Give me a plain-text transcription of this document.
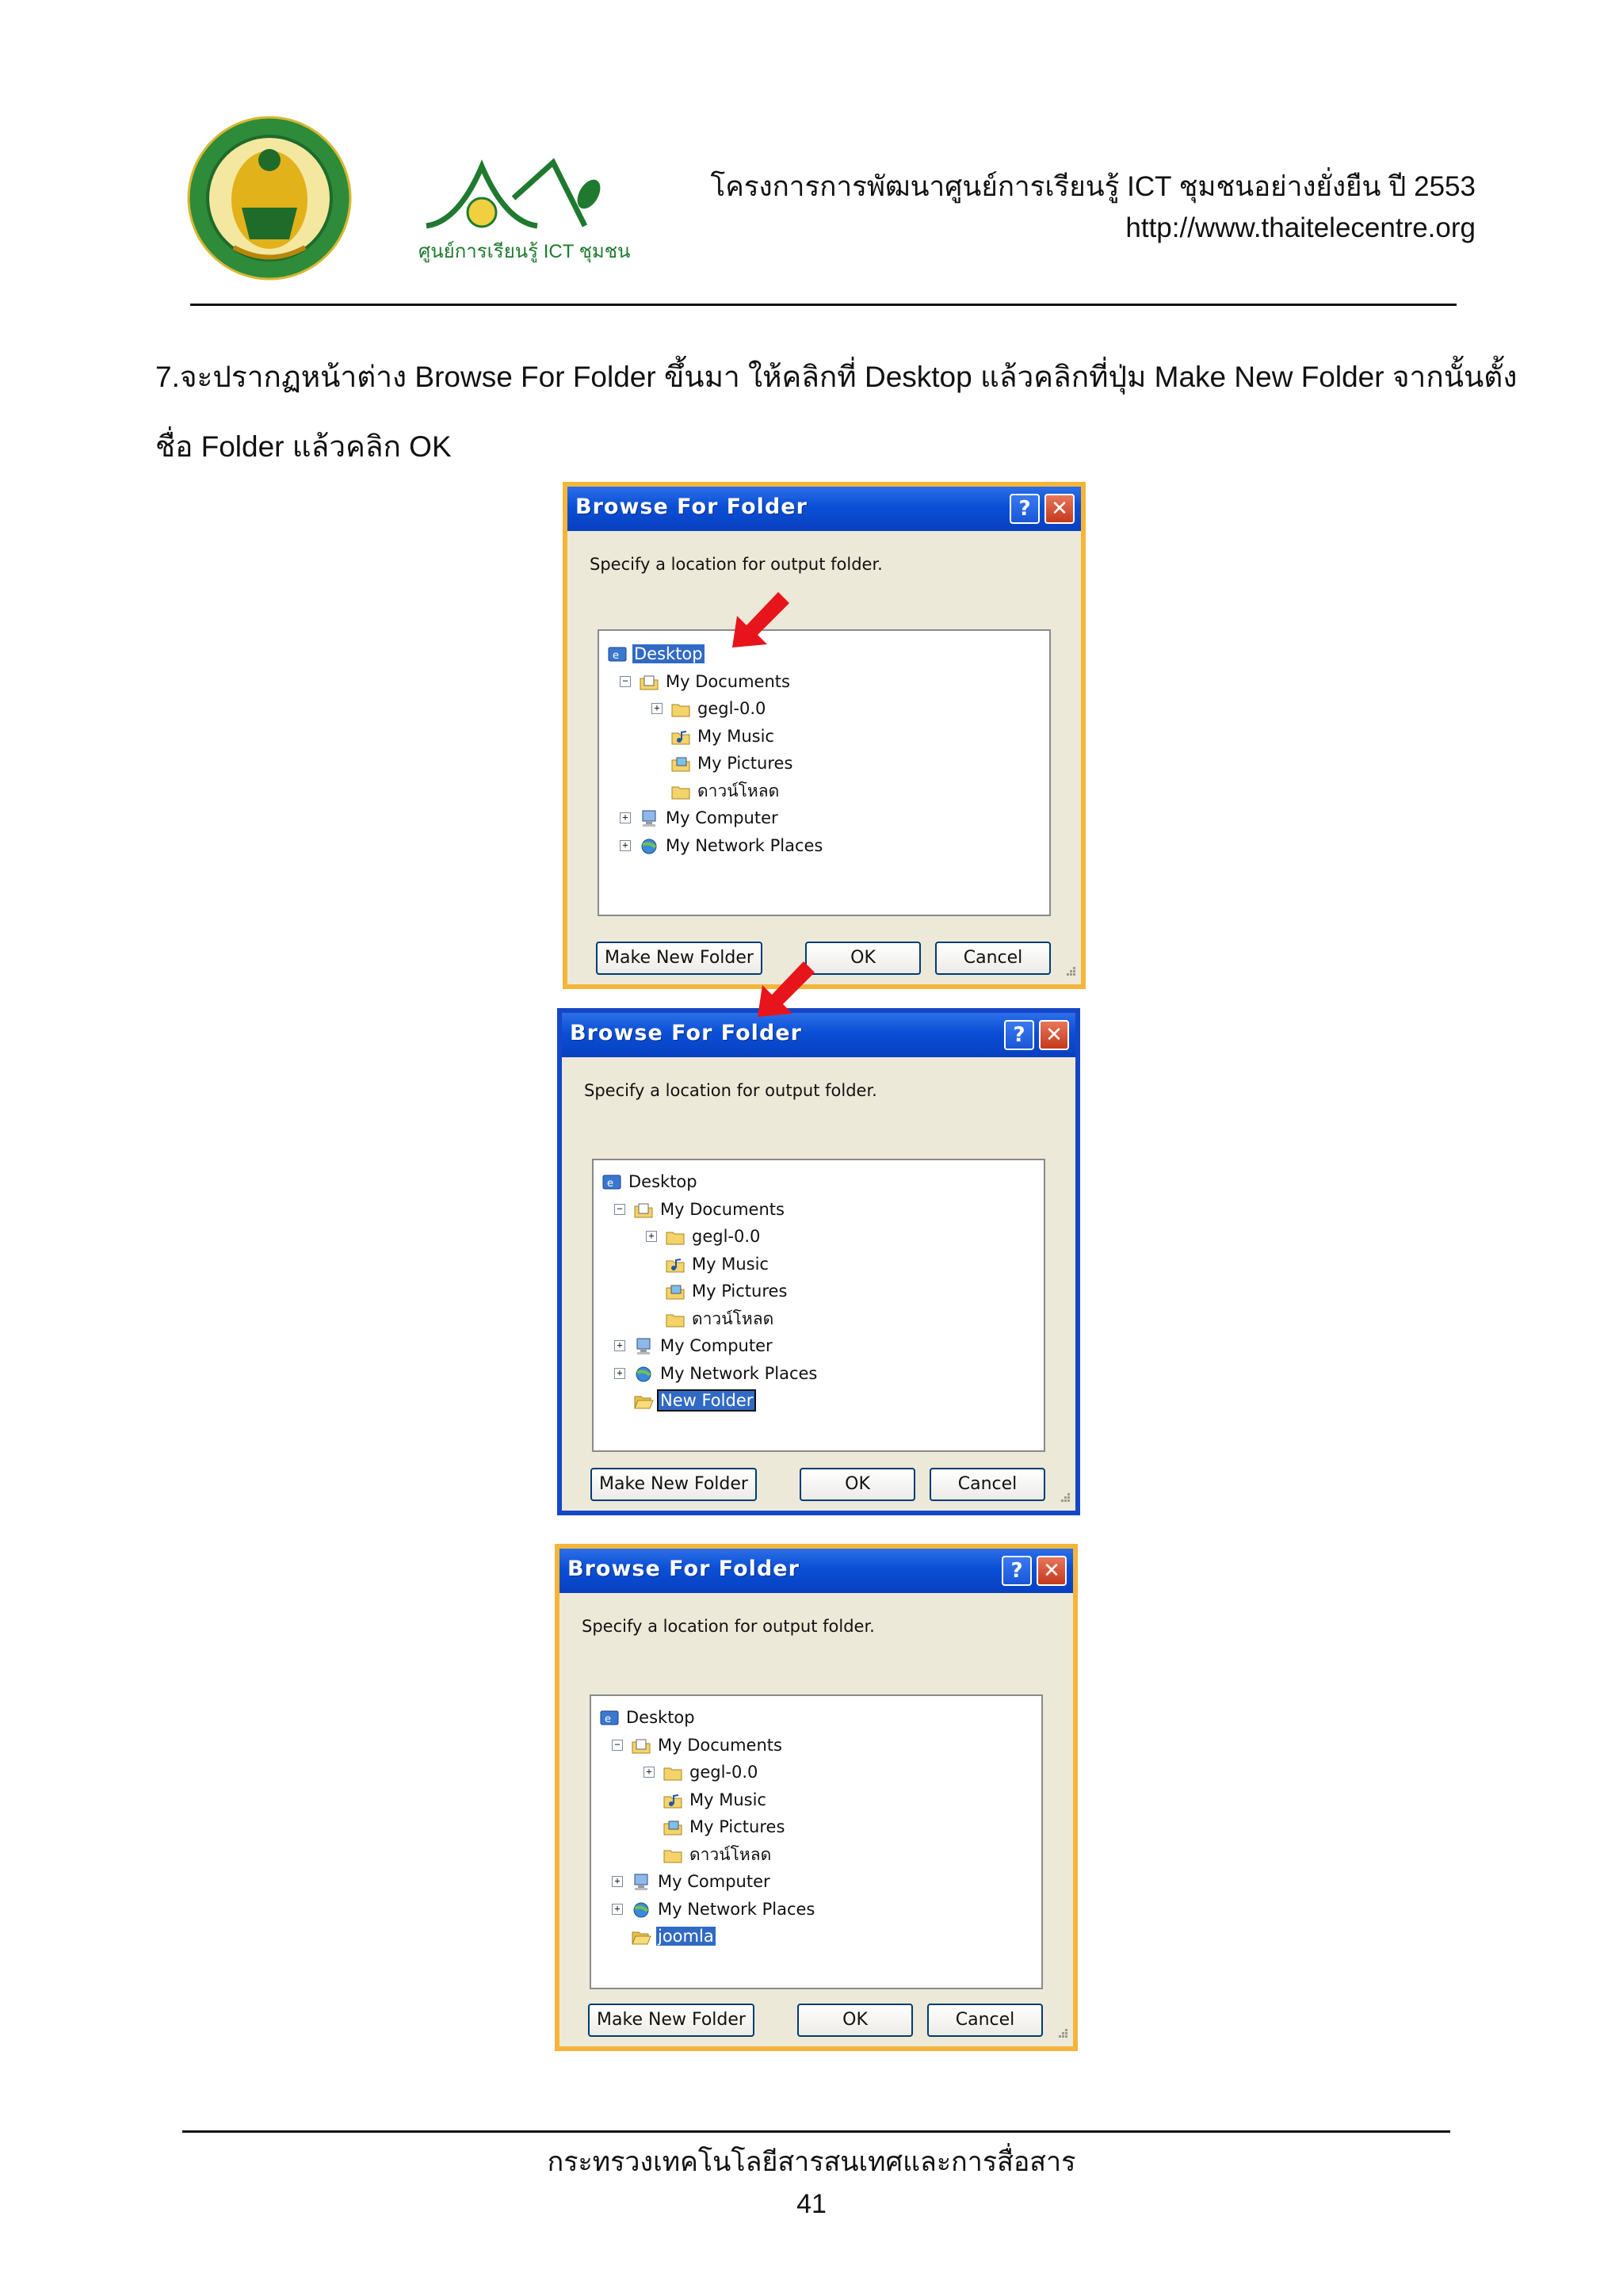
ศูนย์การเรียนรู้ ICT ชุมชน
โครงการการพัฒนาศูนย์การเรียนรู้ ICT ชุมชนอย่างยั่งยืน ปี 2553
http://www.thaitelecentre.org
7.จะปรากฏหน้าต่าง Browse For Folder ขึ้นมา ให้คลิกที่ Desktop แล้วคลิกที่ปุ่ม Make New Folder จากนั้นตั้ง
ชื่อ Folder แล้วคลิก OK
Browse For Folder	? ✕
Specify a location for output folder.
e Desktop
−	My Documents
+	gegl-0.0
My Music
My Pictures
ดาวน์โหลด
+	My Computer
+	My Network Places
Make New Folder	OK	Cancel
Browse For Folder	? ✕
Specify a location for output folder.
e Desktop
−	My Documents
+	gegl-0.0
My Music
My Pictures
ดาวน์โหลด
+	My Computer
+	My Network Places
New Folder
Make New Folder	OK	Cancel
Browse For Folder	? ✕
Specify a location for output folder.
e Desktop
−	My Documents
+	gegl-0.0
My Music
My Pictures
ดาวน์โหลด
+	My Computer
+	My Network Places
joomla
Make New Folder	OK	Cancel
กระทรวงเทคโนโลยีสารสนเทศและการสื่อสาร
41
